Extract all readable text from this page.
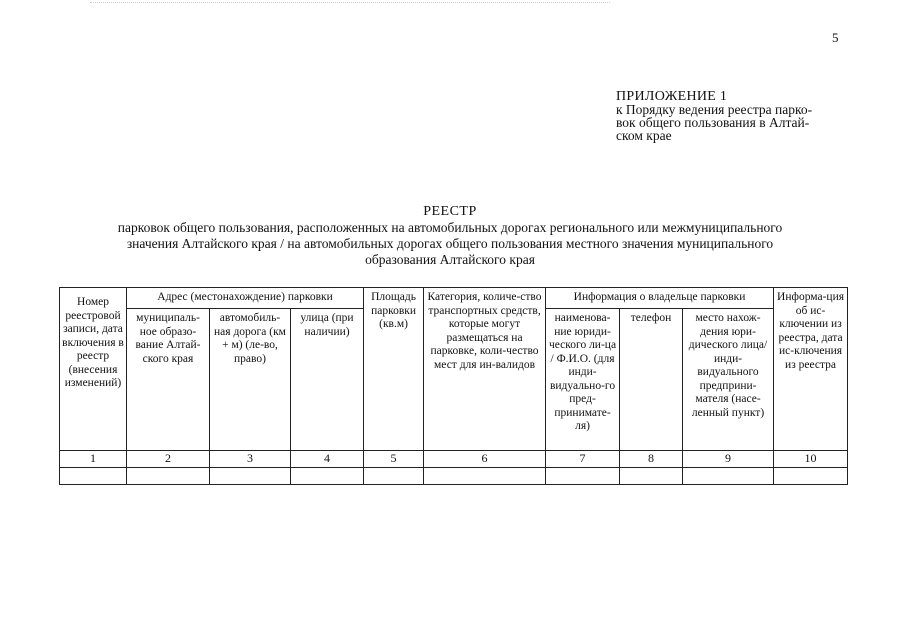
5
ПРИЛОЖЕНИЕ 1
к Порядку ведения реестра парко-
вок общего пользования в Алтай-
ском крае
РЕЕСТР
парковок общего пользования, расположенных на автомобильных дорогах регионального или межмуниципального
значения Алтайского края / на автомобильных дорогах общего пользования местного значения муниципального
образования Алтайского края
Номер реестровой записи, дата включения в реестр (внесения изменений)	Адрес (местонахождение) парковки			Площадь парковки (кв.м)	Категория, количе-ство транспортных средств, которые могут размещаться на парковке, коли-чество мест для ин-валидов	Информация о владельце парковки			Информа-ция об ис-ключении из реестра, дата ис-ключения из реестра
	муниципаль-ное образо-вание Алтай-ского края	автомобиль-ная дорога (км + м) (ле-во, право)	улица (при наличии)			наименова-ние юриди-ческого ли-ца / Ф.И.О. (для инди-видуально-го пред-принимате-ля)	телефон	место нахож-дения юри-дического лица/инди-видуального предприни-мателя (насе-ленный пункт)	
1	2	3	4	5	6	7	8	9	10
